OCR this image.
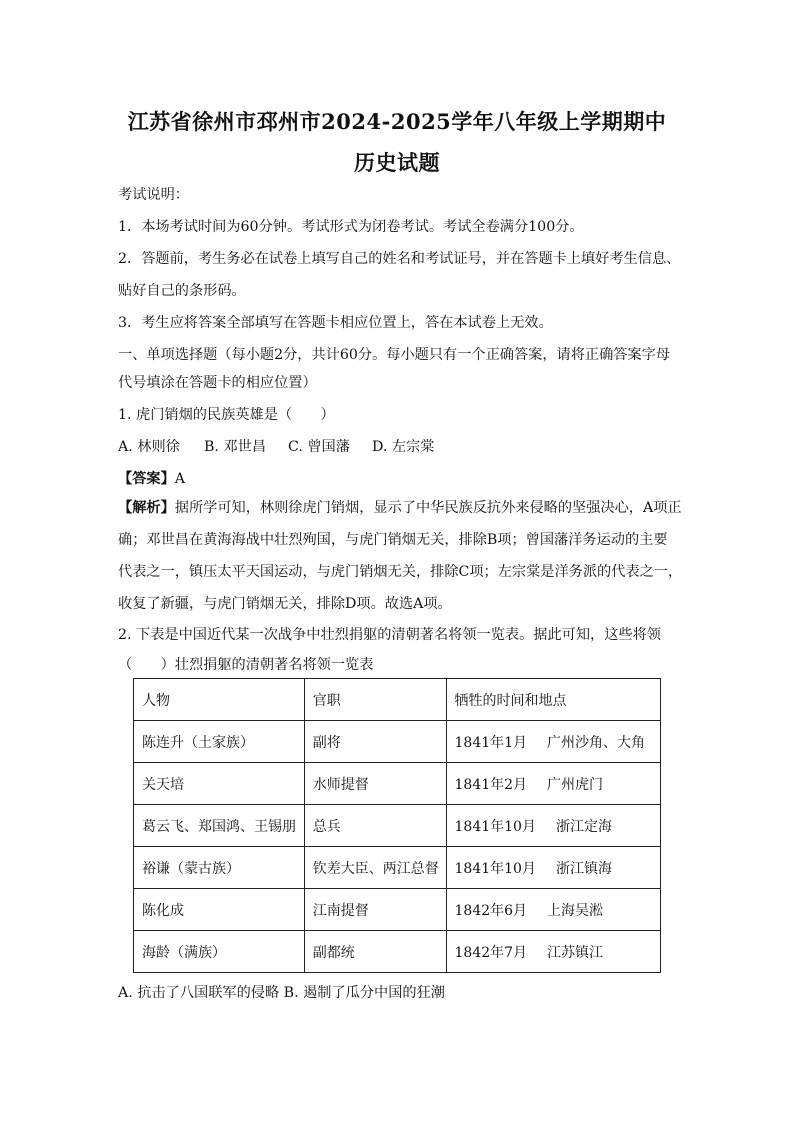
江苏省徐州市邳州市2024-2025学年八年级上学期期中
历史试题
考试说明：
1．本场考试时间为60分钟。考试形式为闭卷考试。考试全卷满分100分。
2．答题前，考生务必在试卷上填写自己的姓名和考试证号，并在答题卡上填好考生信息、
贴好自己的条形码。
3．考生应将答案全部填写在答题卡相应位置上，答在本试卷上无效。
一、单项选择题（每小题2分，共计60分。每小题只有一个正确答案，请将正确答案字母
代号填涂在答题卡的相应位置）
1. 虎门销烟的民族英雄是（　　）
A. 林则徐 B. 邓世昌 C. 曾国藩 D. 左宗棠
【答案】A
【解析】据所学可知，林则徐虎门销烟，显示了中华民族反抗外来侵略的坚强决心，A项正
确；邓世昌在黄海海战中壮烈殉国，与虎门销烟无关，排除B项；曾国藩洋务运动的主要
代表之一，镇压太平天国运动，与虎门销烟无关，排除C项；左宗棠是洋务派的代表之一，
收复了新疆，与虎门销烟无关，排除D项。故选A项。
2. 下表是中国近代某一次战争中壮烈捐躯的清朝著名将领一览表。据此可知，这些将领
（　　）壮烈捐躯的清朝著名将领一览表
人物	官职	牺牲的时间和地点
陈连升（土家族）	副将	1841年1月 广州沙角、大角
关天培	水师提督	1841年2月 广州虎门
葛云飞、郑国鸿、王锡朋	总兵	1841年10月 浙江定海
裕谦（蒙古族）	钦差大臣、两江总督	1841年10月 浙江镇海
陈化成	江南提督	1842年6月 上海吴淞
海龄（满族）	副都统	1842年7月 江苏镇江
A. 抗击了八国联军的侵略 B. 遏制了瓜分中国的狂潮
